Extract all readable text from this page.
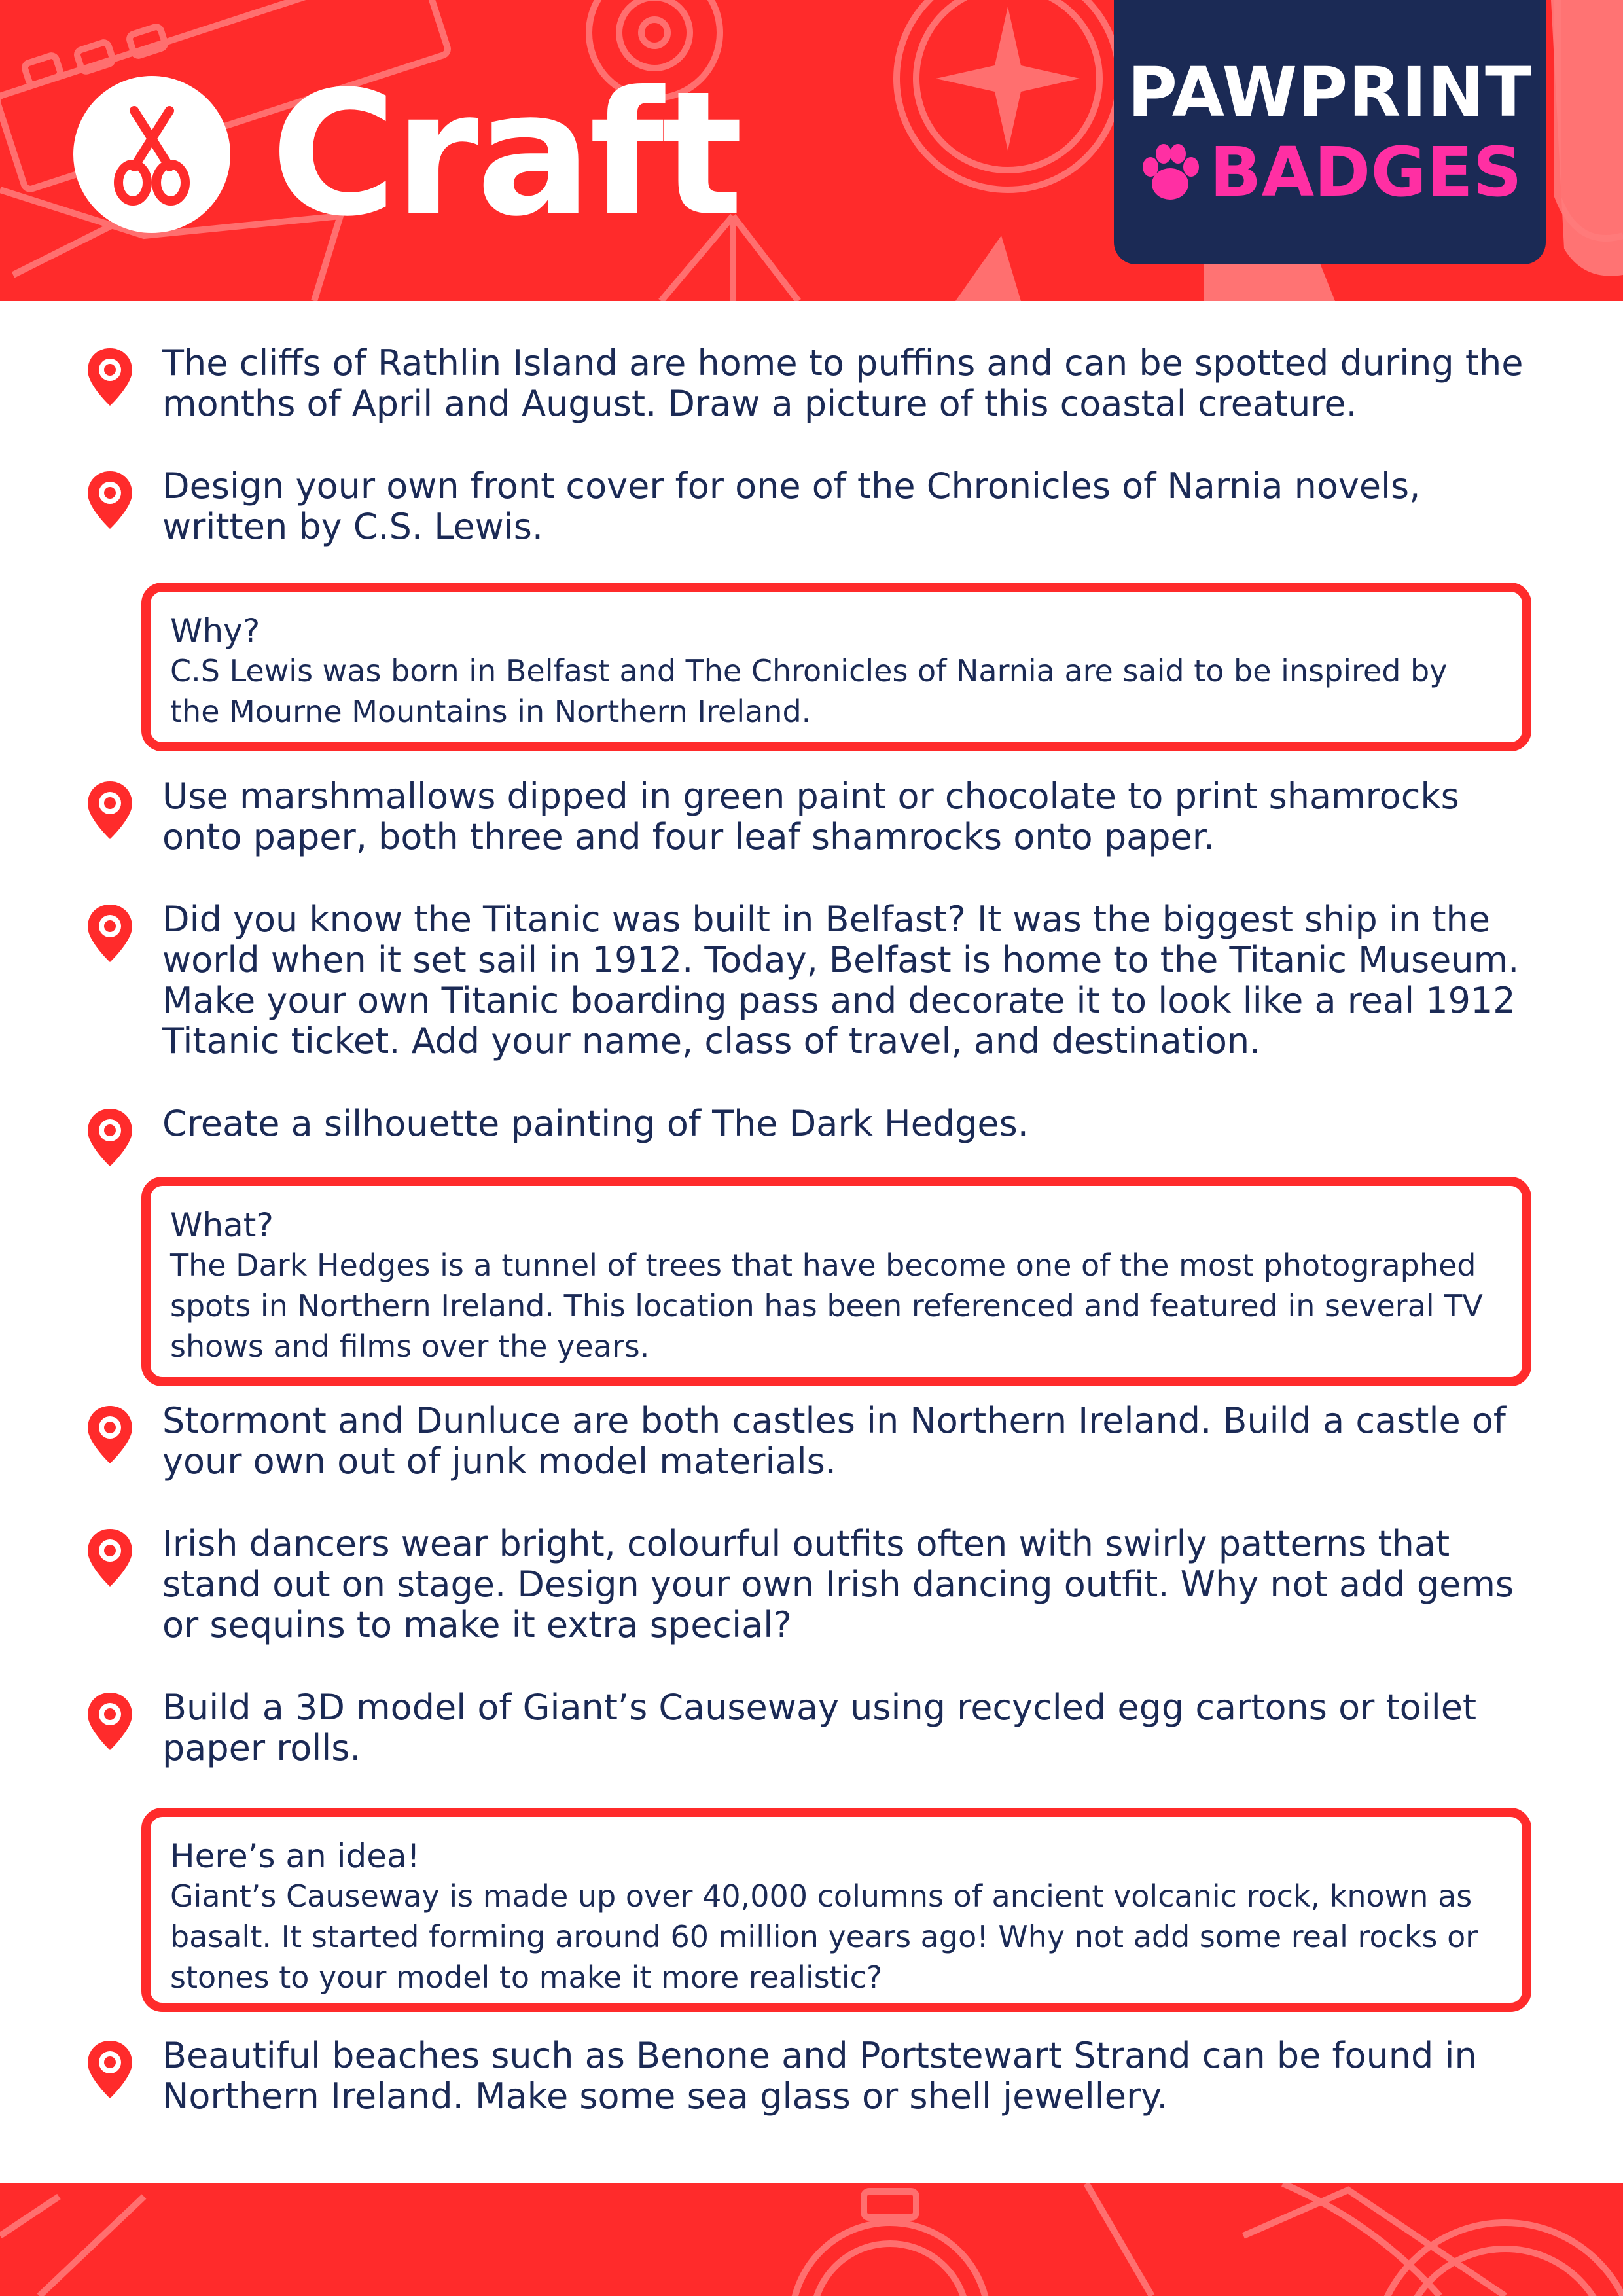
Craft	PAWPRINT
BADGES

The cliffs of Rathlin Island are home to puffins and can be spotted during the months of April and August. Draw a picture of this coastal creature.

Design your own front cover for one of the Chronicles of Narnia novels, written by C.S. Lewis.

Why?

C.S Lewis was born in Belfast and The Chronicles of Narnia are said to be inspired by the Mourne Mountains in Northern Ireland.

Use marshmallows dipped in green paint or chocolate to print shamrocks onto paper, both three and four leaf shamrocks onto paper.

Did you know the Titanic was built in Belfast? It was the biggest ship in the world when it set sail in 1912. Today, Belfast is home to the Titanic Museum. Make your own Titanic boarding pass and decorate it to look like a real 1912 Titanic ticket. Add your name, class of travel, and destination.

Create a silhouette painting of The Dark Hedges.

What?

The Dark Hedges is a tunnel of trees that have become one of the most photographed spots in Northern Ireland. This location has been referenced and featured in several TV shows and films over the years.

Stormont and Dunluce are both castles in Northern Ireland. Build a castle of your own out of junk model materials.

Irish dancers wear bright, colourful outfits often with swirly patterns that stand out on stage. Design your own Irish dancing outfit. Why not add gems or sequins to make it extra special?

Build a 3D model of Giant’s Causeway using recycled egg cartons or toilet paper rolls.

Here’s an idea!

Giant’s Causeway is made up over 40,000 columns of ancient volcanic rock, known as basalt. It started forming around 60 million years ago! Why not add some real rocks or stones to your model to make it more realistic?

Beautiful beaches such as Benone and Portstewart Strand can be found in Northern Ireland. Make some sea glass or shell jewellery.
